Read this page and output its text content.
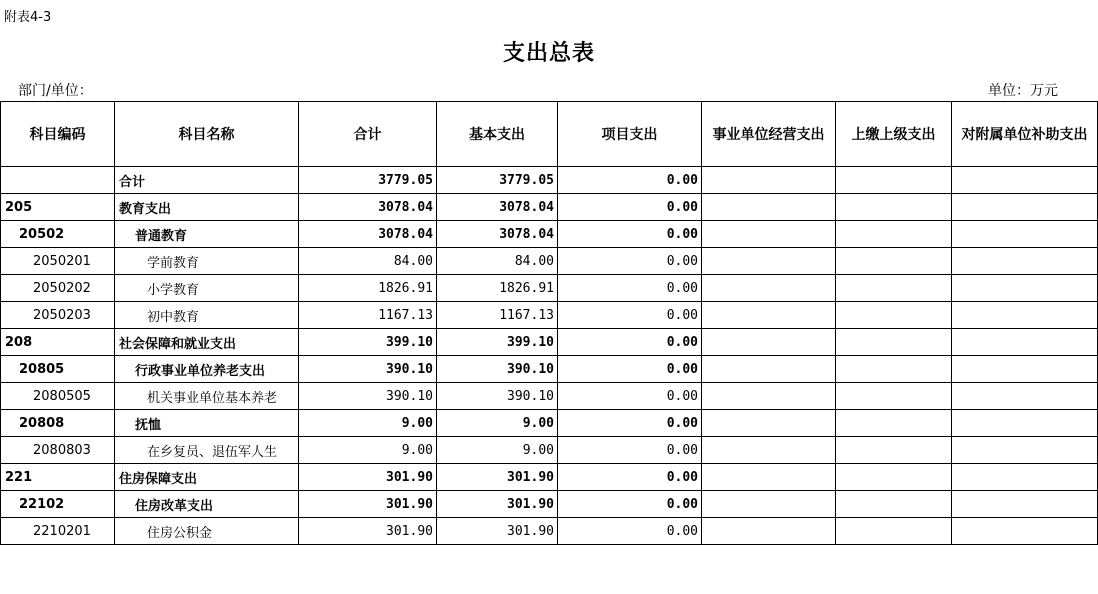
附表4-3
支出总表
部门/单位：	单位：万元
科目编码	科目名称	合计	基本支出	项目支出	事业单位经营支出	上缴上级支出	对附属单位补助支出
	合计	3779.05	3779.05	0.00			
205	教育支出	3078.04	3078.04	0.00			
20502	普通教育	3078.04	3078.04	0.00			
2050201	学前教育	84.00	84.00	0.00			
2050202	小学教育	1826.91	1826.91	0.00			
2050203	初中教育	1167.13	1167.13	0.00			
208	社会保障和就业支出	399.10	399.10	0.00			
20805	行政事业单位养老支出	390.10	390.10	0.00			
2080505	机关事业单位基本养老	390.10	390.10	0.00			
20808	抚恤	9.00	9.00	0.00			
2080803	在乡复员、退伍军人生	9.00	9.00	0.00			
221	住房保障支出	301.90	301.90	0.00			
22102	住房改革支出	301.90	301.90	0.00			
2210201	住房公积金	301.90	301.90	0.00			
